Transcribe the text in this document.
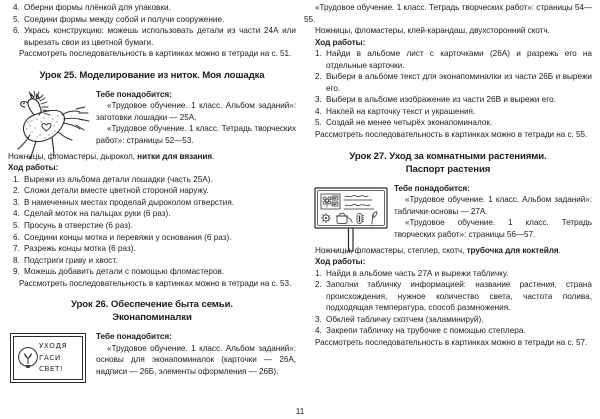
4. Оберни формы плёнкой для упаковки.
5. Соедини формы между собой и получи сооружение.
6. Укрась конструкцию: можешь использовать детали из части 24А или вырезать свои из цветной бумаги.

Рассмотреть последовательность в картинках можно в тетради на с. 51.

Урок 25. Моделирование из ниток. Моя лошадка

Тебе понадобится:

«Трудовое обучение. 1 класс. Альбом заданий»: заготовки лошадки — 25А.

«Трудовое обучение. 1 класс. Тетрадь творческих работ»: страницы 52—53.

Ножницы, фломастеры, дырокол, нитки для вязания.

Ход работы:

1. Вырежи из альбома детали лошадки (часть 25А).
2. Сложи детали вместе цветной стороной наружу.
3. В намеченных местах проделай дыроколом отверстия.
4. Сделай моток на пальцах руки (6 раз).
5. Просунь в отверстие (6 раз).
6. Соедини концы мотка и перевяжи у основания (6 раз).
7. Разрежь концы мотка (6 раз).
8. Подстриги гриву и хвост.
9. Можешь добавить детали с помощью фломастеров.

Рассмотреть последовательность в картинках можно в тетради на с. 53.

Урок 26. Обеспечение быта семьи.
Эконапоминалки
УХОДЯ
ГАСИ
СВЕТ!

Тебе понадобится:

«Трудовое обучение. 1 класс. Альбом заданий»: основы для эконапоминалок (карточки — 26А, надписи — 26Б, элементы оформления — 26В).

«Трудовое обучение. 1 класс. Тетрадь творческих работ»: страницы 54—55.

Ножницы, фломастеры, клей-карандаш, двухсторонний скотч.

Ход работы:

1. Найди в альбоме лист с карточками (26А) и разрежь его на отдельные карточки.
2. Выбери в альбоме текст для эконапоминалки из части 26Б и вырежи его.
3. Выбери в альбоме изображение из части 26В и вырежи его.
4. Наклей на карточку текст и украшения.
5. Создай не менее четырёх эконапоминалок.

Рассмотреть последовательность в картинках можно в тетради на с. 55.

Урок 27. Уход за комнатными растениями.
Паспорт растения

Тебе понадобится:

«Трудовое обучение. 1 класс. Альбом заданий»: таблички-основы — 27А.

«Трудовое обучение. 1 класс. Тетрадь творческих работ»: страницы 56—57.

Ножницы, фломастеры, степлер, скотч, трубочка для коктейля.

Ход работы:

1. Найди в альбоме часть 27А и вырежи табличку.
2. Заполни табличку информацией: название растения, страна происхождения, нужное количество света, частота полива, подходящая температура, способ размножения.
3. Обклей табличку скотчем (заламинируй).
4. Закрепи табличку на трубочке с помощью степлера.

Рассмотреть последовательность в картинках можно в тетради на с. 57.

11
